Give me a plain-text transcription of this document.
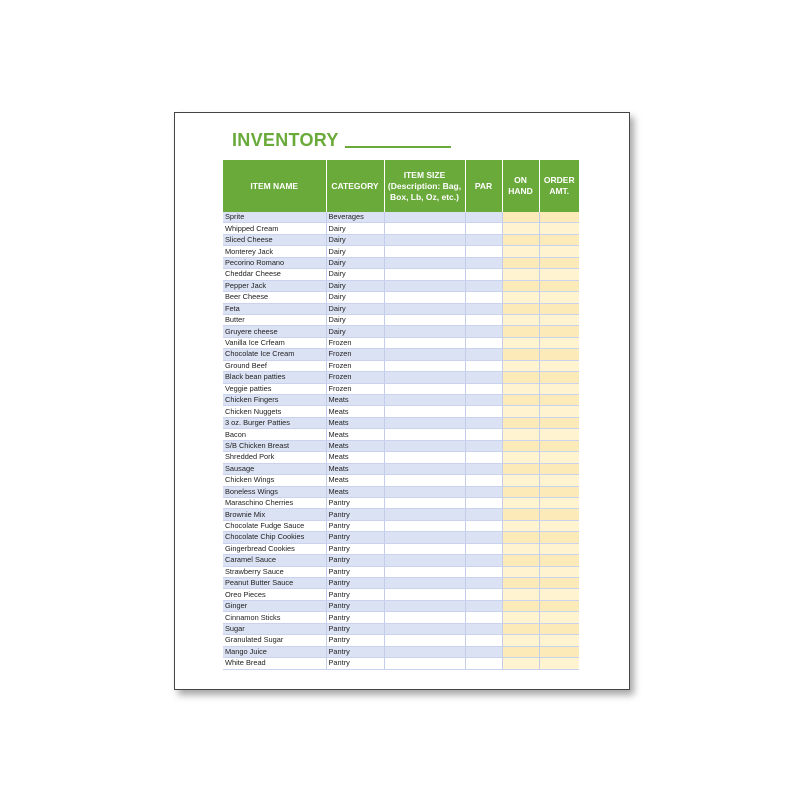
INVENTORY
ITEM NAME	CATEGORY	ITEM SIZE (Description: Bag, Box, Lb, Oz, etc.)	PAR	ON HAND	ORDER AMT.
Sprite	Beverages				
Whipped Cream	Dairy				
Sliced Cheese	Dairy				
Monterey Jack	Dairy				
Pecorino Romano	Dairy				
Cheddar Cheese	Dairy				
Pepper Jack	Dairy				
Beer Cheese	Dairy				
Feta	Dairy				
Butter	Dairy				
Gruyere cheese	Dairy				
Vanilla Ice Crfeam	Frozen				
Chocolate Ice Cream	Frozen				
Ground Beef	Frozen				
Black bean patties	Frozen				
Veggie patties	Frozen				
Chicken Fingers	Meats				
Chicken Nuggets	Meats				
3 oz. Burger Patties	Meats				
Bacon	Meats				
S/B Chicken Breast	Meats				
Shredded Pork	Meats				
Sausage	Meats				
Chicken Wings	Meats				
Boneless Wings	Meats				
Maraschino Cherries	Pantry				
Brownie Mix	Pantry				
Chocolate Fudge Sauce	Pantry				
Chocolate Chip Cookies	Pantry				
Gingerbread Cookies	Pantry				
Caramel Sauce	Pantry				
Strawberry Sauce	Pantry				
Peanut Butter Sauce	Pantry				
Oreo Pieces	Pantry				
Ginger	Pantry				
Cinnamon Sticks	Pantry				
Sugar	Pantry				
Granulated Sugar	Pantry				
Mango Juice	Pantry				
White Bread	Pantry				
